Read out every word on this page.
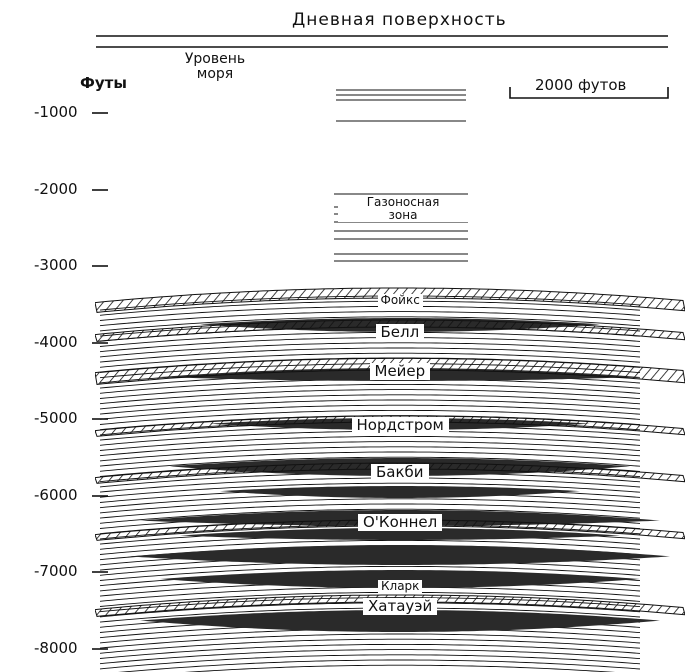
Дневная поверхность
Футы
Уровень
моря
2000 футов
-1000
-2000
-3000
-4000
-5000
-6000
-7000
-8000
Газоносная
зона
Фойкс
Белл
Мейер
Нордстром
Бакби
О'Коннел
Кларк
Хатауэй
